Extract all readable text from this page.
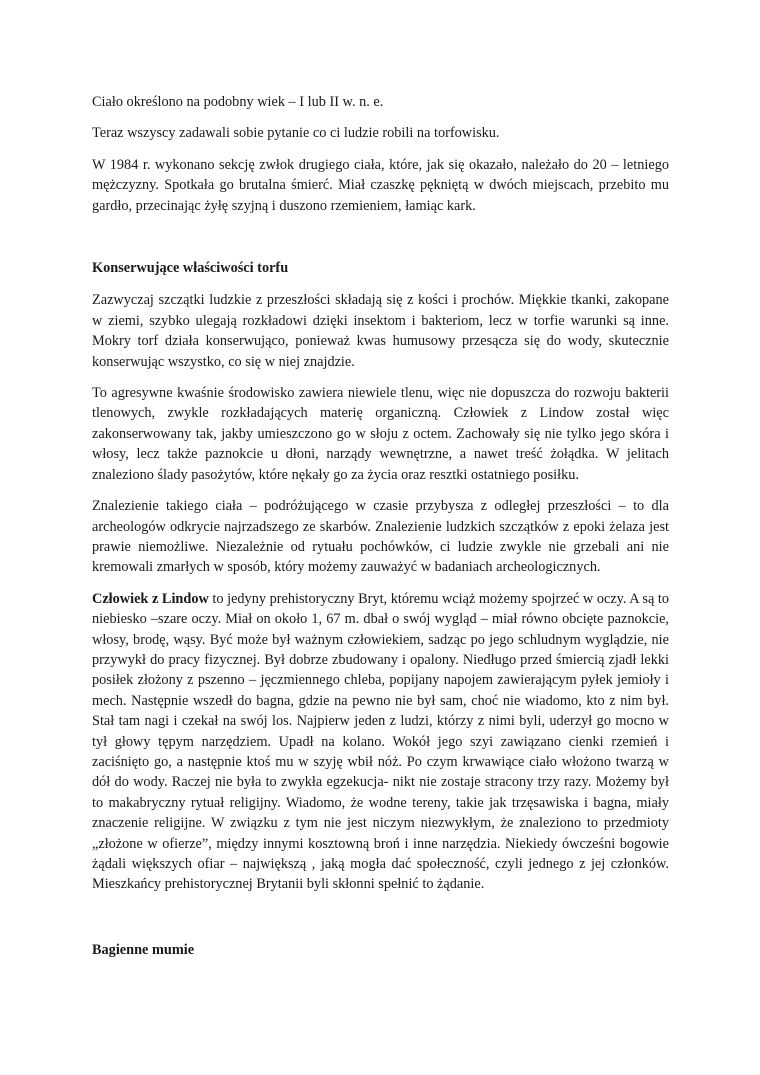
Ciało określono na podobny wiek – I lub II w. n. e.

Teraz wszyscy zadawali sobie pytanie co ci ludzie robili na torfowisku.

W 1984 r. wykonano sekcję zwłok drugiego ciała, które, jak się okazało, należało do 20 – letniego mężczyzny. Spotkała go brutalna śmierć. Miał czaszkę pękniętą w dwóch miejscach, przebito mu gardło, przecinając żyłę szyjną i duszono rzemieniem, łamiąc kark.

Konserwujące właściwości torfu

Zazwyczaj szczątki ludzkie z przeszłości składają się z kości i prochów. Miękkie tkanki, zakopane w ziemi, szybko ulegają rozkładowi dzięki insektom i bakteriom, lecz w torfie warunki są inne. Mokry torf działa konserwująco, ponieważ kwas humusowy przesącza się do wody, skutecznie konserwując wszystko, co się w niej znajdzie.

To agresywne kwaśnie środowisko zawiera niewiele tlenu, więc nie dopuszcza do rozwoju bakterii tlenowych, zwykle rozkładających materię organiczną. Człowiek z Lindow został więc zakonserwowany tak, jakby umieszczono go w słoju z octem. Zachowały się nie tylko jego skóra i włosy, lecz także paznokcie u dłoni, narządy wewnętrzne, a nawet treść żołądka. W jelitach znaleziono ślady pasożytów, które nękały go za życia oraz resztki ostatniego posiłku.

Znalezienie takiego ciała – podróżującego w czasie przybysza z odległej przeszłości – to dla archeologów odkrycie najrzadszego ze skarbów. Znalezienie ludzkich szczątków z epoki żelaza jest prawie niemożliwe. Niezależnie od rytuału pochówków, ci ludzie zwykle nie grzebali ani nie kremowali zmarłych w sposób, który możemy zauważyć w badaniach archeologicznych.

Człowiek z Lindow to jedyny prehistoryczny Bryt, któremu wciąż możemy spojrzeć w oczy. A są to niebiesko –szare oczy. Miał on około 1, 67 m. dbał o swój wygląd – miał równo obcięte paznokcie, włosy, brodę, wąsy. Być może był ważnym człowiekiem, sadząc po jego schludnym wyglądzie, nie przywykł do pracy fizycznej. Był dobrze zbudowany i opalony. Niedługo przed śmiercią zjadł lekki posiłek złożony z pszenno – jęczmiennego chleba, popijany napojem zawierającym pyłek jemioły i mech. Następnie wszedł do bagna, gdzie na pewno nie był sam, choć nie wiadomo, kto z nim był. Stał tam nagi i czekał na swój los. Najpierw jeden z ludzi, którzy z nimi byli, uderzył go mocno w tył głowy tępym narzędziem. Upadł na kolano. Wokół jego szyi zawiązano cienki rzemień i zaciśnięto go, a następnie ktoś mu w szyję wbił nóż. Po czym krwawiące ciało włożono twarzą w dół do wody. Raczej nie była to zwykła egzekucja- nikt nie zostaje stracony trzy razy. Możemy był to makabryczny rytuał religijny. Wiadomo, że wodne tereny, takie jak trzęsawiska i bagna, miały znaczenie religijne. W związku z tym nie jest niczym niezwykłym, że znaleziono to przedmioty „złożone w ofierze”, między innymi kosztowną broń i inne narzędzia. Niekiedy ówcześni bogowie żądali większych ofiar – największą , jaką mogła dać społeczność, czyli jednego z jej członków. Mieszkańcy prehistorycznej Brytanii byli skłonni spełnić to żądanie.

Bagienne mumie
